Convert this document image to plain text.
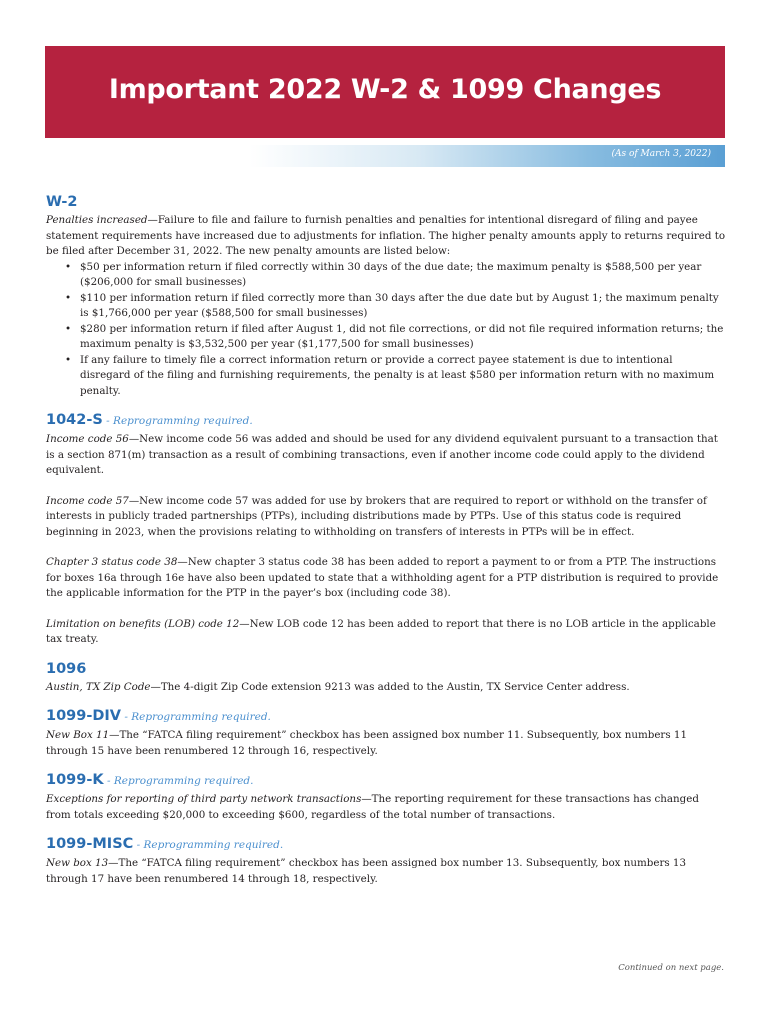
Important 2022 W-2 & 1099 Changes
(As of March 3, 2022)
W-2

Penalties increased—Failure to file and failure to furnish penalties and penalties for intentional disregard of filing and payee statement requirements have increased due to adjustments for inflation. The higher penalty amounts apply to returns required to be filed after December 31, 2022. The new penalty amounts are listed below:

• $50 per information return if filed correctly within 30 days of the due date; the maximum penalty is $588,500 per year ($206,000 for small businesses)
• $110 per information return if filed correctly more than 30 days after the due date but by August 1; the maximum penalty is $1,766,000 per year ($588,500 for small businesses)
• $280 per information return if filed after August 1, did not file corrections, or did not file required information returns; the maximum penalty is $3,532,500 per year ($1,177,500 for small businesses)
• If any failure to timely file a correct information return or provide a correct payee statement is due to intentional disregard of the filing and furnishing requirements, the penalty is at least $580 per information return with no maximum penalty.
1042-S - Reprogramming required.

Income code 56—New income code 56 was added and should be used for any dividend equivalent pursuant to a transaction that is a section 871(m) transaction as a result of combining transactions, even if another income code could apply to the dividend equivalent.

Income code 57—New income code 57 was added for use by brokers that are required to report or withhold on the transfer of interests in publicly traded partnerships (PTPs), including distributions made by PTPs. Use of this status code is required beginning in 2023, when the provisions relating to withholding on transfers of interests in PTPs will be in effect.

Chapter 3 status code 38—New chapter 3 status code 38 has been added to report a payment to or from a PTP. The instructions for boxes 16a through 16e have also been updated to state that a withholding agent for a PTP distribution is required to provide the applicable information for the PTP in the payer’s box (including code 38).

Limitation on benefits (LOB) code 12—New LOB code 12 has been added to report that there is no LOB article in the applicable tax treaty.

1096

Austin, TX Zip Code—The 4-digit Zip Code extension 9213 was added to the Austin, TX Service Center address.

1099-DIV - Reprogramming required.

New Box 11—The “FATCA filing requirement” checkbox has been assigned box number 11. Subsequently, box numbers 11 through 15 have been renumbered 12 through 16, respectively.

1099-K - Reprogramming required.

Exceptions for reporting of third party network transactions—The reporting requirement for these transactions has changed from totals exceeding $20,000 to exceeding $600, regardless of the total number of transactions.

1099-MISC - Reprogramming required.

New box 13—The “FATCA filing requirement” checkbox has been assigned box number 13. Subsequently, box numbers 13 through 17 have been renumbered 14 through 18, respectively.

Continued on next page.
